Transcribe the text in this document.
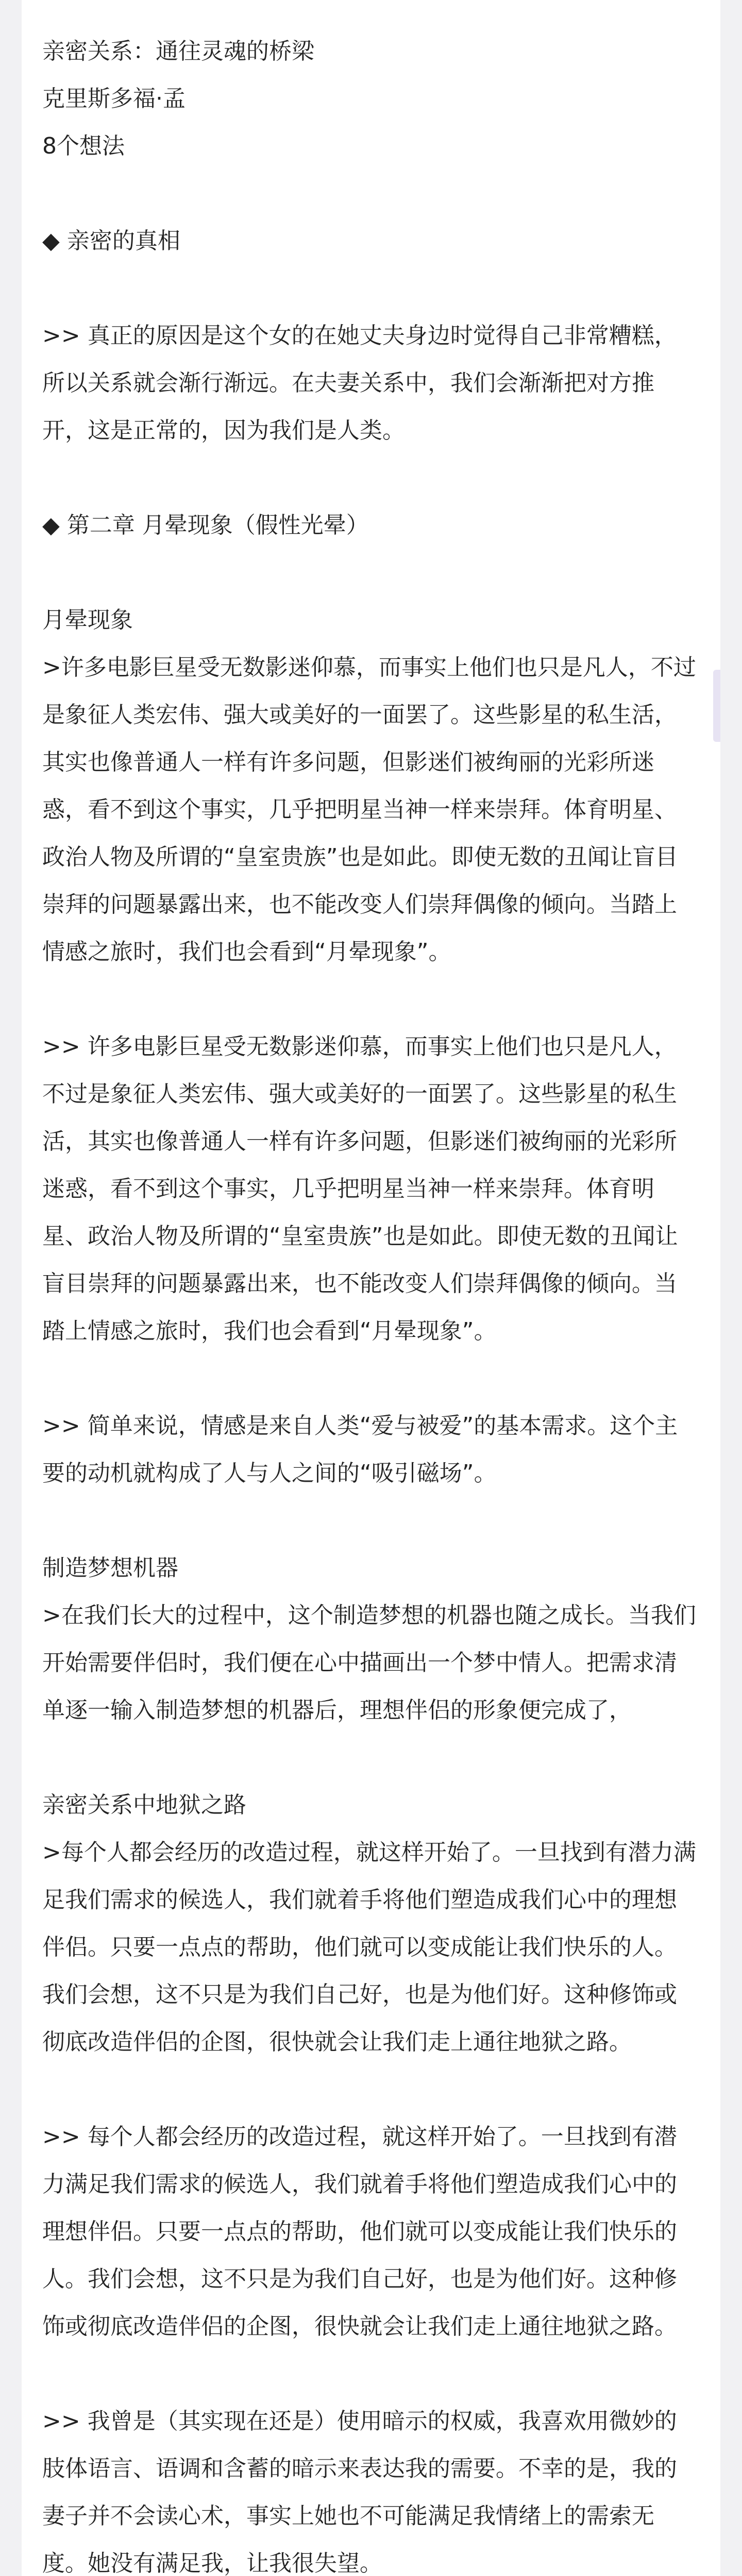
亲密关系：通往灵魂的桥梁

克里斯多福·孟

8个想法

◆ 亲密的真相

>> 真正的原因是这个女的在她丈夫身边时觉得自己非常糟糕，所以关系就会渐行渐远。在夫妻关系中，我们会渐渐把对方推开，这是正常的，因为我们是人类。

◆ 第二章 月晕现象（假性光晕）

月晕现象

>许多电影巨星受无数影迷仰慕，而事实上他们也只是凡人，不过是象征人类宏伟、强大或美好的一面罢了。这些影星的私生活，其实也像普通人一样有许多问题，但影迷们被绚丽的光彩所迷惑，看不到这个事实，几乎把明星当神一样来崇拜。体育明星、政治人物及所谓的“皇室贵族”也是如此。即使无数的丑闻让盲目崇拜的问题暴露出来，也不能改变人们崇拜偶像的倾向。当踏上情感之旅时，我们也会看到“月晕现象”。

>> 许多电影巨星受无数影迷仰慕，而事实上他们也只是凡人，不过是象征人类宏伟、强大或美好的一面罢了。这些影星的私生活，其实也像普通人一样有许多问题，但影迷们被绚丽的光彩所迷惑，看不到这个事实，几乎把明星当神一样来崇拜。体育明星、政治人物及所谓的“皇室贵族”也是如此。即使无数的丑闻让盲目崇拜的问题暴露出来，也不能改变人们崇拜偶像的倾向。当踏上情感之旅时，我们也会看到“月晕现象”。

>> 简单来说，情感是来自人类“爱与被爱”的基本需求。这个主要的动机就构成了人与人之间的“吸引磁场”。

制造梦想机器

>在我们长大的过程中，这个制造梦想的机器也随之成长。当我们开始需要伴侣时，我们便在心中描画出一个梦中情人。把需求清单逐一输入制造梦想的机器后，理想伴侣的形象便完成了，

亲密关系中地狱之路

>每个人都会经历的改造过程，就这样开始了。一旦找到有潜力满足我们需求的候选人，我们就着手将他们塑造成我们心中的理想伴侣。只要一点点的帮助，他们就可以变成能让我们快乐的人。我们会想，这不只是为我们自己好，也是为他们好。这种修饰或彻底改造伴侣的企图，很快就会让我们走上通往地狱之路。

>> 每个人都会经历的改造过程，就这样开始了。一旦找到有潜力满足我们需求的候选人，我们就着手将他们塑造成我们心中的理想伴侣。只要一点点的帮助，他们就可以变成能让我们快乐的人。我们会想，这不只是为我们自己好，也是为他们好。这种修饰或彻底改造伴侣的企图，很快就会让我们走上通往地狱之路。

>> 我曾是（其实现在还是）使用暗示的权威，我喜欢用微妙的肢体语言、语调和含蓄的暗示来表达我的需要。不幸的是，我的妻子并不会读心术，事实上她也不可能满足我情绪上的需索无度。她没有满足我，让我很失望。
